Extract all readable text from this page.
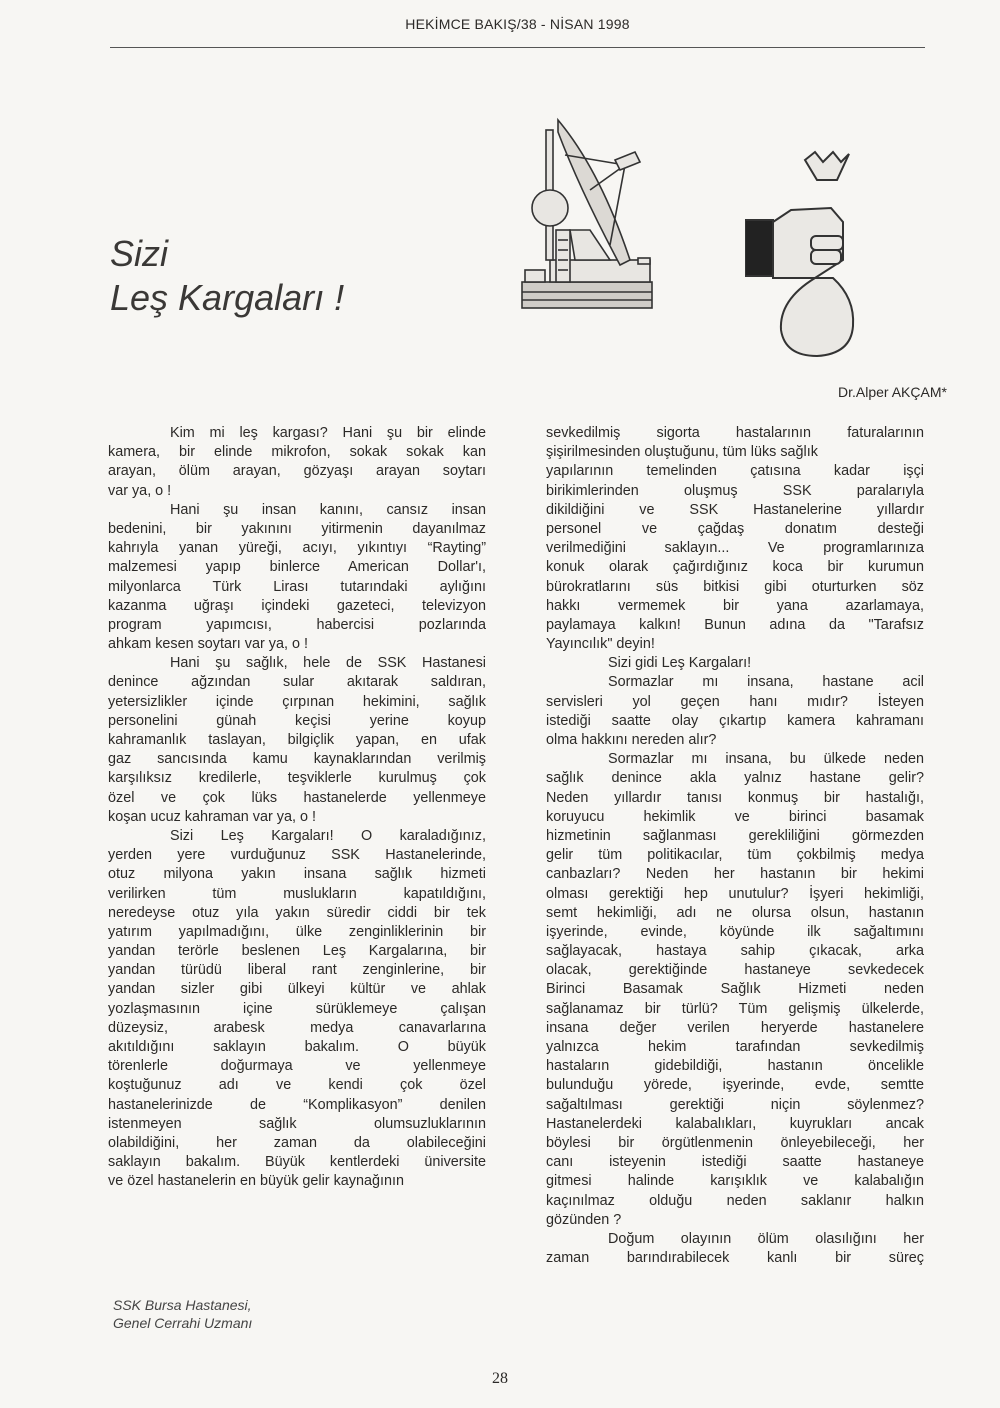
HEKİMCE BAKIŞ/38 - NİSAN 1998
Sizi
Leş Kargaları !
Dr.Alper AKÇAM*
Kim mi leş kargası? Hani şu bir elinde
kamera, bir elinde mikrofon, sokak sokak kan
arayan, ölüm arayan, gözyaşı arayan soytarı
var ya, o !
Hani şu insan kanını, cansız insan
bedenini, bir yakınını yitirmenin dayanılmaz
kahrıyla yanan yüreği, acıyı, yıkıntıyı “Rayting”
malzemesi yapıp binlerce American Dollar'ı,
milyonlarca Türk Lirası tutarındaki aylığını
kazanma uğraşı içindeki gazeteci, televizyon
program yapımcısı, habercisi pozlarında
ahkam kesen soytarı var ya, o !
Hani şu sağlık, hele de SSK Hastanesi
denince ağzından sular akıtarak saldıran,
yetersizlikler içinde çırpınan hekimini, sağlık
personelini günah keçisi yerine koyup
kahramanlık taslayan, bilgiçlik yapan, en ufak
gaz sancısında kamu kaynaklarından verilmiş
karşılıksız kredilerle, teşviklerle kurulmuş çok
özel ve çok lüks hastanelerde yellenmeye
koşan ucuz kahraman var ya, o !
Sizi Leş Kargaları! O karaladığınız,
yerden yere vurduğunuz SSK Hastanelerinde,
otuz milyona yakın insana sağlık hizmeti
verilirken tüm muslukların kapatıldığını,
neredeyse otuz yıla yakın süredir ciddi bir tek
yatırım yapılmadığını, ülke zenginliklerinin bir
yandan terörle beslenen Leş Kargalarına, bir
yandan türüdü liberal rant zenginlerine, bir
yandan sizler gibi ülkeyi kültür ve ahlak
yozlaşmasının içine sürüklemeye çalışan
düzeysiz, arabesk medya canavarlarına
akıtıldığını saklayın bakalım. O büyük
törenlerle doğurmaya ve yellenmeye
koştuğunuz adı ve kendi çok özel
hastanelerinizde de “Komplikasyon” denilen
istenmeyen sağlık olumsuzluklarının
olabildiğini, her zaman da olabileceğini
saklayın bakalım. Büyük kentlerdeki üniversite
ve özel hastanelerin en büyük gelir kaynağının
sevkedilmiş sigorta hastalarının faturalarının
şişirilmesinden oluştuğunu, tüm lüks sağlık
yapılarının temelinden çatısına kadar işçi
birikimlerinden oluşmuş SSK paralarıyla
dikildiğini ve SSK Hastanelerine yıllardır
personel ve çağdaş donatım desteği
verilmediğini saklayın... Ve programlarınıza
konuk olarak çağırdığınız koca bir kurumun
bürokratlarını süs bitkisi gibi oturturken söz
hakkı vermemek bir yana azarlamaya,
paylamaya kalkın! Bunun adına da "Tarafsız
Yayıncılık" deyin!
Sizi gidi Leş Kargaları!
Sormazlar mı insana, hastane acil
servisleri yol geçen hanı mıdır? İsteyen
istediği saatte olay çıkartıp kamera kahramanı
olma hakkını nereden alır?
Sormazlar mı insana, bu ülkede neden
sağlık denince akla yalnız hastane gelir?
Neden yıllardır tanısı konmuş bir hastalığı,
koruyucu hekimlik ve birinci basamak
hizmetinin sağlanması gerekliliğini görmezden
gelir tüm politikacılar, tüm çokbilmiş medya
canbazları? Neden her hastanın bir hekimi
olması gerektiği hep unutulur? İşyeri hekimliği,
semt hekimliği, adı ne olursa olsun, hastanın
işyerinde, evinde, köyünde ilk sağaltımını
sağlayacak, hastaya sahip çıkacak, arka
olacak, gerektiğinde hastaneye sevkedecek
Birinci Basamak Sağlık Hizmeti neden
sağlanamaz bir türlü? Tüm gelişmiş ülkelerde,
insana değer verilen heryerde hastanelere
yalnızca hekim tarafından sevkedilmiş
hastaların gidebildiği, hastanın öncelikle
bulunduğu yörede, işyerinde, evde, semtte
sağaltılması gerektiği niçin söylenmez?
Hastanelerdeki kalabalıkları, kuyrukları ancak
böylesi bir örgütlenmenin önleyebileceği, her
canı isteyenin istediği saatte hastaneye
gitmesi halinde karışıklık ve kalabalığın
kaçınılmaz olduğu neden saklanır halkın
gözünden ?
Doğum olayının ölüm olasılığını her
zaman barındırabilecek kanlı bir süreç
SSK Bursa Hastanesi,
Genel Cerrahi Uzmanı
28
